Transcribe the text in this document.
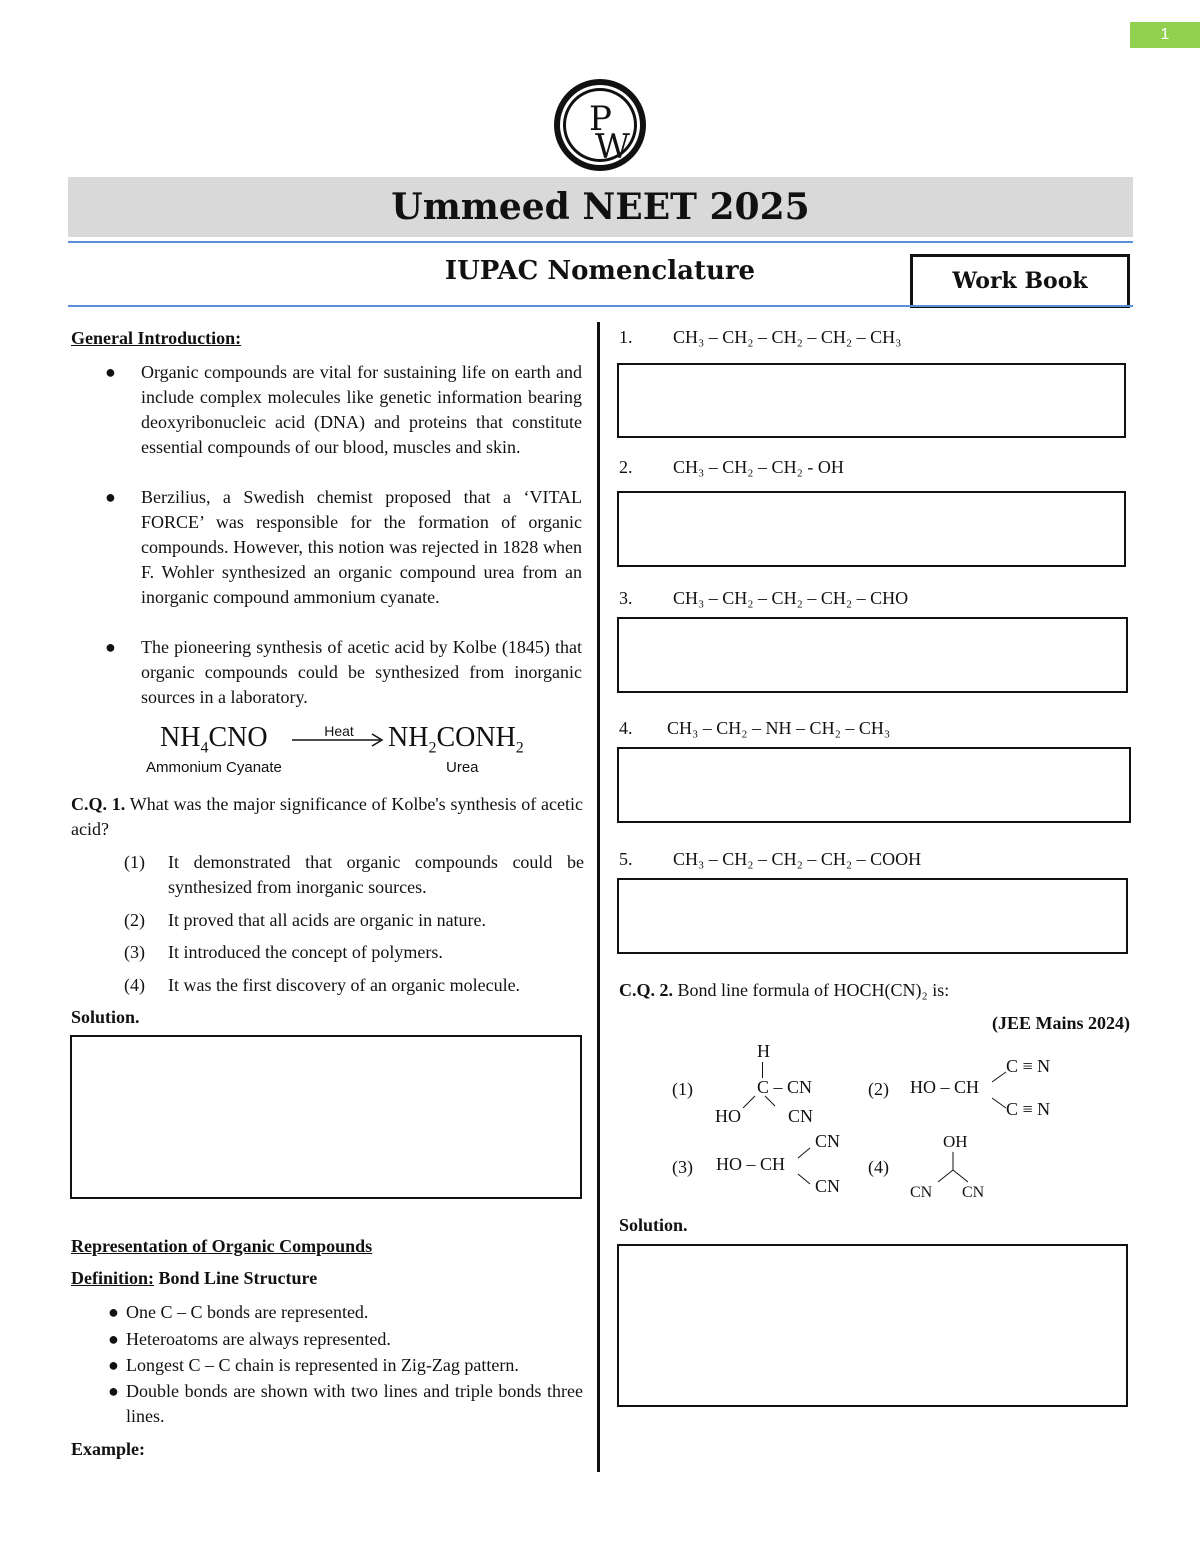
1
P
W
Ummeed NEET 2025
IUPAC Nomenclature	Work Book
General Introduction:
● Organic compounds are vital for sustaining life on earth and include complex molecules like genetic information bearing deoxyribonucleic acid (DNA) and proteins that constitute essential compounds of our blood, muscles and skin.
● Berzilius, a Swedish chemist proposed that a ‘VITAL FORCE’ was responsible for the formation of organic compounds. However, this notion was rejected in 1828 when F. Wohler synthesized an organic compound urea from an inorganic compound ammonium cyanate.
● The pioneering synthesis of acetic acid by Kolbe (1845) that organic compounds could be synthesized from inorganic sources in a laboratory.
$NH_4CNO$	Heat	$NH_2CONH_2$
Ammonium Cyanate	Urea
C.Q. 1. What was the major significance of Kolbe's synthesis of acetic acid?
(1) It demonstrated that organic compounds could be synthesized from inorganic sources.
(2) It proved that all acids are organic in nature.
(3) It introduced the concept of polymers.
(4) It was the first discovery of an organic molecule.
Solution.
Representation of Organic Compounds
Definition: Bond Line Structure
● One C – C bonds are represented.
● Heteroatoms are always represented.
● Longest C – C chain is represented in Zig-Zag pattern.
● Double bonds are shown with two lines and triple bonds three lines.
Example:
1. CH₃ – CH₂ – CH₂ – CH₂ – CH₃
2. CH₃ – CH₂ – CH₂ - OH
3. CH₃ – CH₂ – CH₂ – CH₂ – CHO
4. CH₃ – CH₂ – NH – CH₂ – CH₃
5. CH₃ – CH₂ – CH₂ – CH₂ – COOH
C.Q. 2. Bond line formula of HOCH(CN)₂ is:
(JEE Mains 2024)
(1)
H
C – CN
HO	CN
(2) HO – CH
C ≡ N
C ≡ N
(3) HO – CH
CN
CN
(4)
OH
CN CN
Solution.
